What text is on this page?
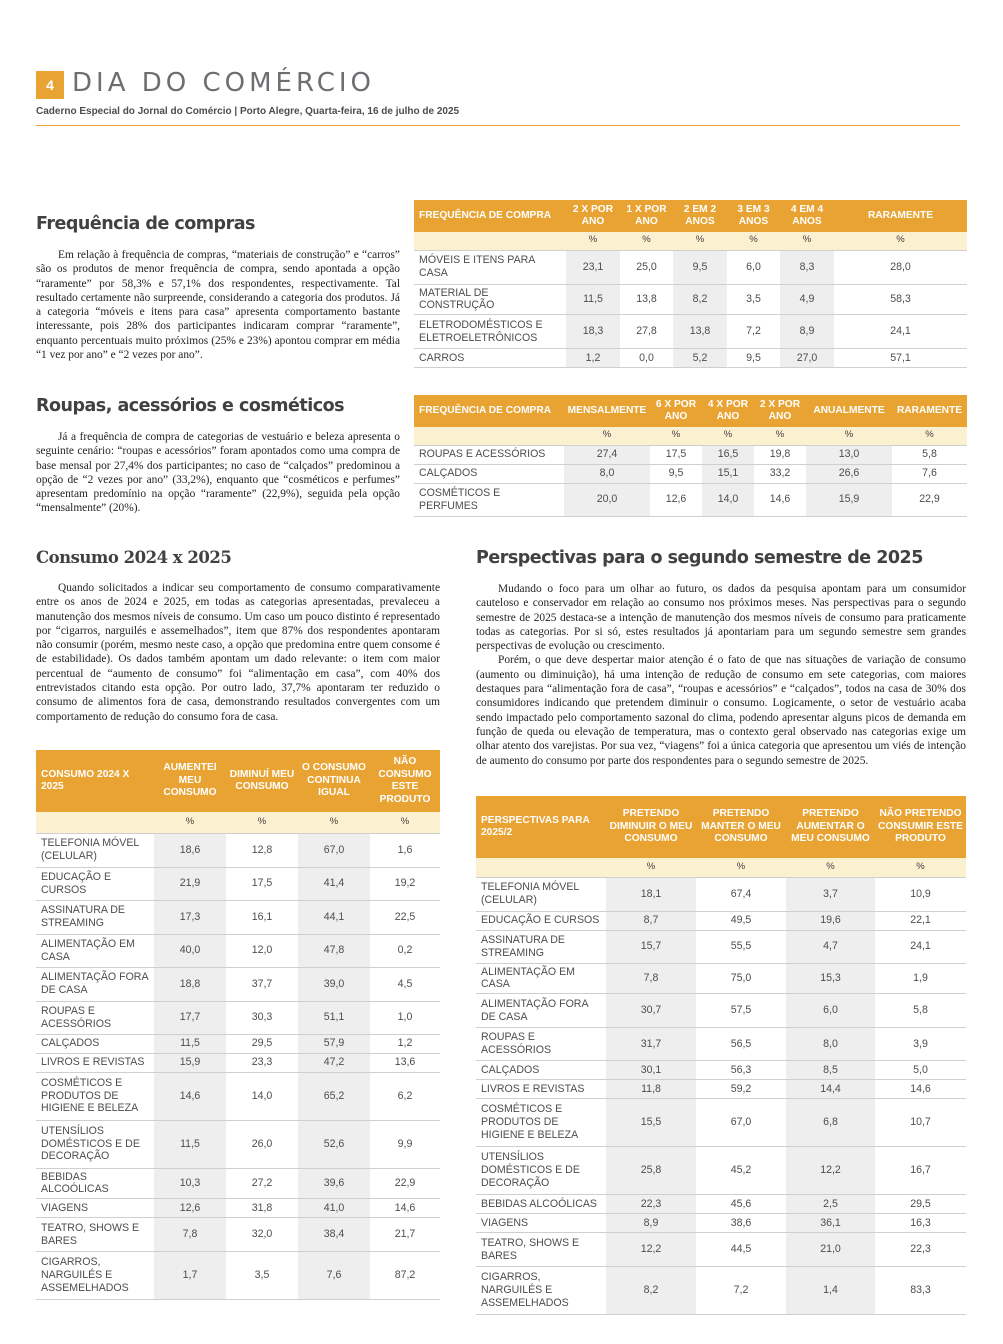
4 DIA DO COMÉRCIO
Caderno Especial do Jornal do Comércio | Porto Alegre, Quarta-feira, 16 de julho de 2025
Frequência de compras

Em relação à frequência de compras, “materiais de construção” e “carros” são os produtos de menor frequência de compra, sendo apontada a opção “raramente” por 58,3% e 57,1% dos respondentes, respectivamente. Tal resultado certamente não surpreende, considerando a categoria dos produtos. Já a categoria “móveis e itens para casa” apresenta comportamento bastante interessante, pois 28% dos participantes indicaram comprar “raramente”, enquanto percentuais muito próximos (25% e 23%) apontou comprar em média “1 vez por ano” e “2 vezes por ano”.

FREQUÊNCIA DE COMPRA	2 X POR ANO	1 X POR ANO	2 EM 2 ANOS	3 EM 3 ANOS	4 EM 4 ANOS	RARAMENTE
	%	%	%	%	%	%
MÓVEIS E ITENS PARA CASA	23,1	25,0	9,5	6,0	8,3	28,0
MATERIAL DE CONSTRUÇÃO	11,5	13,8	8,2	3,5	4,9	58,3
ELETRODOMÉSTICOS E ELETROELETRÔNICOS	18,3	27,8	13,8	7,2	8,9	24,1
CARROS	1,2	0,0	5,2	9,5	27,0	57,1
Roupas, acessórios e cosméticos

Já a frequência de compra de categorias de vestuário e beleza apresenta o seguinte cenário: “roupas e acessórios” foram apontados como uma compra de base mensal por 27,4% dos participantes; no caso de “calçados” predominou a opção de “2 vezes por ano” (33,2%), enquanto que “cosméticos e perfumes” apresentam predomínio na opção “raramente” (22,9%), seguida pela opção “mensalmente” (20%).

FREQUÊNCIA DE COMPRA	MENSALMENTE	6 X POR ANO	4 X POR ANO	2 X POR ANO	ANUALMENTE	RARAMENTE
	%	%	%	%	%	%
ROUPAS E ACESSÓRIOS	27,4	17,5	16,5	19,8	13,0	5,8
CALÇADOS	8,0	9,5	15,1	33,2	26,6	7,6
COSMÉTICOS E PERFUMES	20,0	12,6	14,0	14,6	15,9	22,9
Consumo 2024 x 2025

Quando solicitados a indicar seu comportamento de consumo comparativamente entre os anos de 2024 e 2025, em todas as categorias apresentadas, prevaleceu a manutenção dos mesmos níveis de consumo. Um caso um pouco distinto é representado por “cigarros, narguilés e assemelhados”, item que 87% dos respondentes apontaram não consumir (porém, mesmo neste caso, a opção que predomina entre quem consome é de estabilidade). Os dados também apontam um dado relevante: o item com maior percentual de “aumento de consumo” foi “alimentação em casa”, com 40% dos entrevistados citando esta opção. Por outro lado, 37,7% apontaram ter reduzido o consumo de alimentos fora de casa, demonstrando resultados convergentes com um comportamento de redução do consumo fora de casa.

CONSUMO 2024 X 2025	AUMENTEI MEU CONSUMO	DIMINUÍ MEU CONSUMO	O CONSUMO CONTINUA IGUAL	NÃO CONSUMO ESTE PRODUTO
	%	%	%	%
TELEFONIA MÓVEL (CELULAR)	18,6	12,8	67,0	1,6
EDUCAÇÃO E CURSOS	21,9	17,5	41,4	19,2
ASSINATURA DE STREAMING	17,3	16,1	44,1	22,5
ALIMENTAÇÃO EM CASA	40,0	12,0	47,8	0,2
ALIMENTAÇÃO FORA DE CASA	18,8	37,7	39,0	4,5
ROUPAS E ACESSÓRIOS	17,7	30,3	51,1	1,0
CALÇADOS	11,5	29,5	57,9	1,2
LIVROS E REVISTAS	15,9	23,3	47,2	13,6
COSMÉTICOS E PRODUTOS DE HIGIENE E BELEZA	14,6	14,0	65,2	6,2
UTENSÍLIOS DOMÉSTICOS E DE DECORAÇÃO	11,5	26,0	52,6	9,9
BEBIDAS ALCOÓLICAS	10,3	27,2	39,6	22,9
VIAGENS	12,6	31,8	41,0	14,6
TEATRO, SHOWS E BARES	7,8	32,0	38,4	21,7
CIGARROS, NARGUILÉS E ASSEMELHADOS	1,7	3,5	7,6	87,2
Perspectivas para o segundo semestre de 2025

Mudando o foco para um olhar ao futuro, os dados da pesquisa apontam para um consumidor cauteloso e conservador em relação ao consumo nos próximos meses. Nas perspectivas para o segundo semestre de 2025 destaca-se a intenção de manutenção dos mesmos níveis de consumo para praticamente todas as categorias. Por si só, estes resultados já apontariam para um segundo semestre sem grandes perspectivas de evolução ou crescimento.

Porém, o que deve despertar maior atenção é o fato de que nas situações de variação de consumo (aumento ou diminuição), há uma intenção de redução de consumo em sete categorias, com maiores destaques para “alimentação fora de casa”, “roupas e acessórios” e “calçados”, todos na casa de 30% dos consumidores indicando que pretendem diminuir o consumo. Logicamente, o setor de vestuário acaba sendo impactado pelo comportamento sazonal do clima, podendo apresentar alguns picos de demanda em função de queda ou elevação de temperatura, mas o contexto geral observado nas categorias exige um olhar atento dos varejistas. Por sua vez, “viagens” foi a única categoria que apresentou um viés de intenção de aumento do consumo por parte dos respondentes para o segundo semestre de 2025.

PERSPECTIVAS PARA 2025/2	PRETENDO DIMINUIR O MEU CONSUMO	PRETENDO MANTER O MEU CONSUMO	PRETENDO AUMENTAR O MEU CONSUMO	NÃO PRETENDO CONSUMIR ESTE PRODUTO
	%	%	%	%
TELEFONIA MÓVEL (CELULAR)	18,1	67,4	3,7	10,9
EDUCAÇÃO E CURSOS	8,7	49,5	19,6	22,1
ASSINATURA DE STREAMING	15,7	55,5	4,7	24,1
ALIMENTAÇÃO EM CASA	7,8	75,0	15,3	1,9
ALIMENTAÇÃO FORA DE CASA	30,7	57,5	6,0	5,8
ROUPAS E ACESSÓRIOS	31,7	56,5	8,0	3,9
CALÇADOS	30,1	56,3	8,5	5,0
LIVROS E REVISTAS	11,8	59,2	14,4	14,6
COSMÉTICOS E PRODUTOS DE HIGIENE E BELEZA	15,5	67,0	6,8	10,7
UTENSÍLIOS DOMÉSTICOS E DE DECORAÇÃO	25,8	45,2	12,2	16,7
BEBIDAS ALCOÓLICAS	22,3	45,6	2,5	29,5
VIAGENS	8,9	38,6	36,1	16,3
TEATRO, SHOWS E BARES	12,2	44,5	21,0	22,3
CIGARROS, NARGUILÉS E ASSEMELHADOS	8,2	7,2	1,4	83,3
